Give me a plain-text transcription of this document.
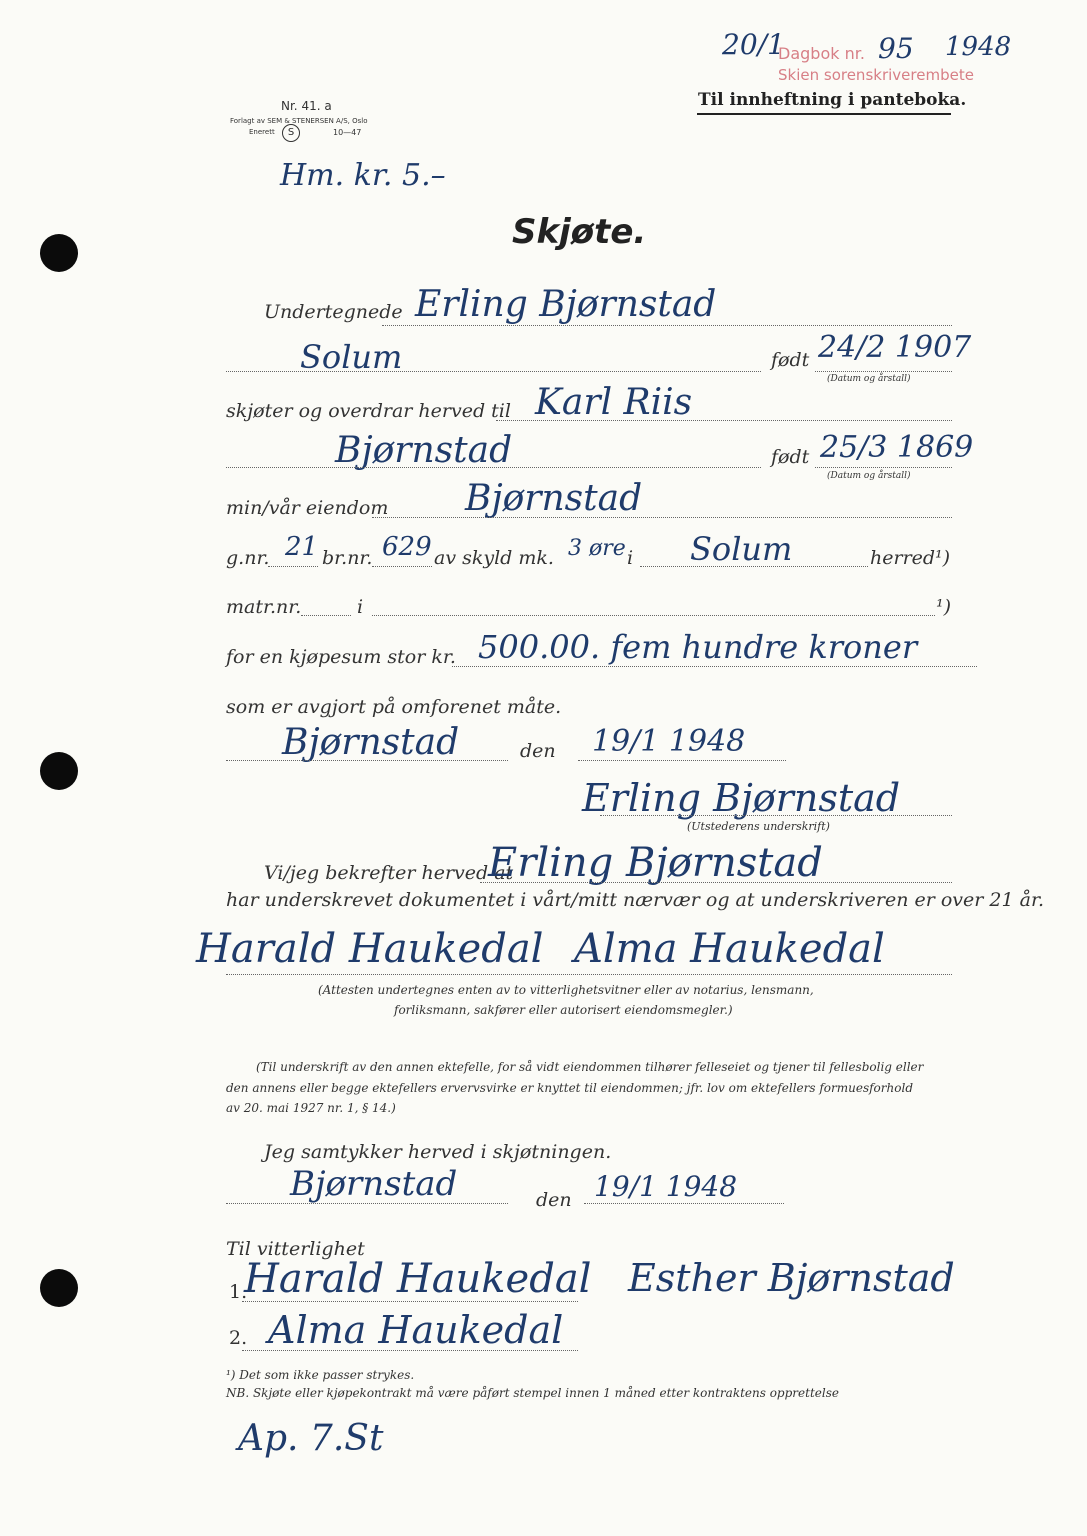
20/1
Dagbok nr. 95 1948
Skien sorenskriverembete
Nr. 41. a
Forlagt av SEM & STENERSEN A/S, Oslo
Enerett	S	10—47
Til innheftning i panteboka.
Hm. kr. 5.–
Skjøte.
Undertegnede Erling Bjørnstad
Solum	født 24/2 1907
(Datum og årstall)
skjøter og overdrar herved til Karl Riis
Bjørnstad	født 25/3 1869
(Datum og årstall)
min/vår eiendom Bjørnstad
g.nr. 21 br.nr. 629 av skyld mk. 3 øre i Solum	herred¹)
matr.nr.	i	¹)
for en kjøpesum stor kr. 500.00. fem hundre kroner
som er avgjort på omforenet måte.
Bjørnstad	den 19/1 1948
Erling Bjørnstad
(Utstederens underskrift)
Vi/jeg bekrefter herved at
Erling Bjørnstad
har underskrevet dokumentet i vårt/mitt nærvær og at underskriveren er over 21 år.
Harald Haukedal Alma Haukedal
(Attesten undertegnes enten av to vitterlighetsvitner eller av notarius, lensmann,
forliksmann, sakfører eller autorisert eiendomsmegler.)
(Til underskrift av den annen ektefelle, for så vidt eiendommen tilhører felleseiet og tjener til fellesbolig eller
den annens eller begge ektefellers ervervsvirke er knyttet til eiendommen; jfr. lov om ektefellers formuesforhold
av 20. mai 1927 nr. 1, § 14.)
Jeg samtykker herved i skjøtningen.
Bjørnstad	den 19/1 1948
Til vitterlighet
1.
Harald Haukedal Esther Bjørnstad
2. Alma Haukedal
¹) Det som ikke passer strykes.
NB. Skjøte eller kjøpekontrakt må være påført stempel innen 1 måned etter kontraktens opprettelse
Ap. 7.St
